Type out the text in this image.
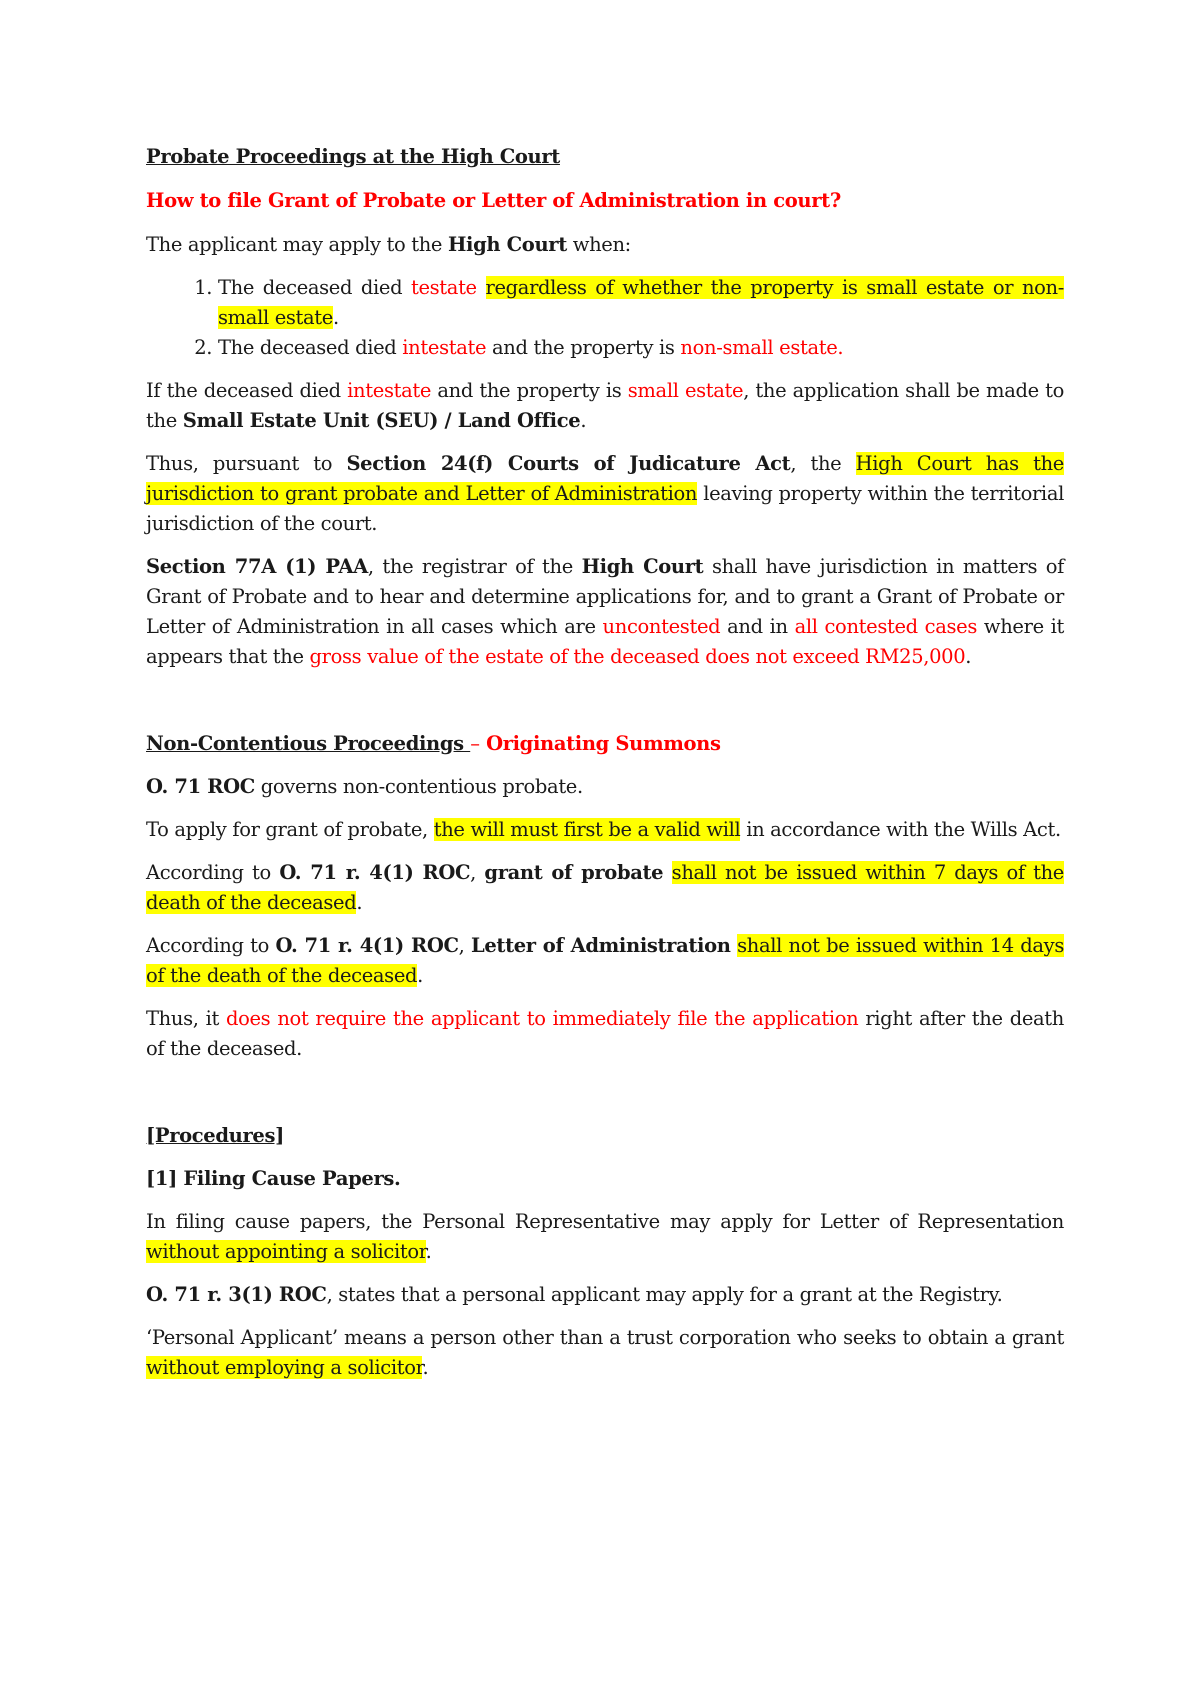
Probate Proceedings at the High Court

How to file Grant of Probate or Letter of Administration in court?

The applicant may apply to the High Court when:

1. The deceased died testate regardless of whether the property is small estate or non-small estate.
2. The deceased died intestate and the property is non-small estate.

If the deceased died intestate and the property is small estate, the application shall be made to the Small Estate Unit (SEU) / Land Office.

Thus, pursuant to Section 24(f) Courts of Judicature Act, the High Court has the jurisdiction to grant probate and Letter of Administration leaving property within the territorial jurisdiction of the court.

Section 77A (1) PAA, the registrar of the High Court shall have jurisdiction in matters of Grant of Probate and to hear and determine applications for, and to grant a Grant of Probate or Letter of Administration in all cases which are uncontested and in all contested cases where it appears that the gross value of the estate of the deceased does not exceed RM25,000.

Non-Contentious Proceedings – Originating Summons

O. 71 ROC governs non-contentious probate.

To apply for grant of probate, the will must first be a valid will in accordance with the Wills Act.

According to O. 71 r. 4(1) ROC, grant of probate shall not be issued within 7 days of the death of the deceased.

According to O. 71 r. 4(1) ROC, Letter of Administration shall not be issued within 14 days of the death of the deceased.

Thus, it does not require the applicant to immediately file the application right after the death of the deceased.

[Procedures]

[1] Filing Cause Papers.

In filing cause papers, the Personal Representative may apply for Letter of Representation without appointing a solicitor.

O. 71 r. 3(1) ROC, states that a personal applicant may apply for a grant at the Registry.

‘Personal Applicant’ means a person other than a trust corporation who seeks to obtain a grant without employing a solicitor.
